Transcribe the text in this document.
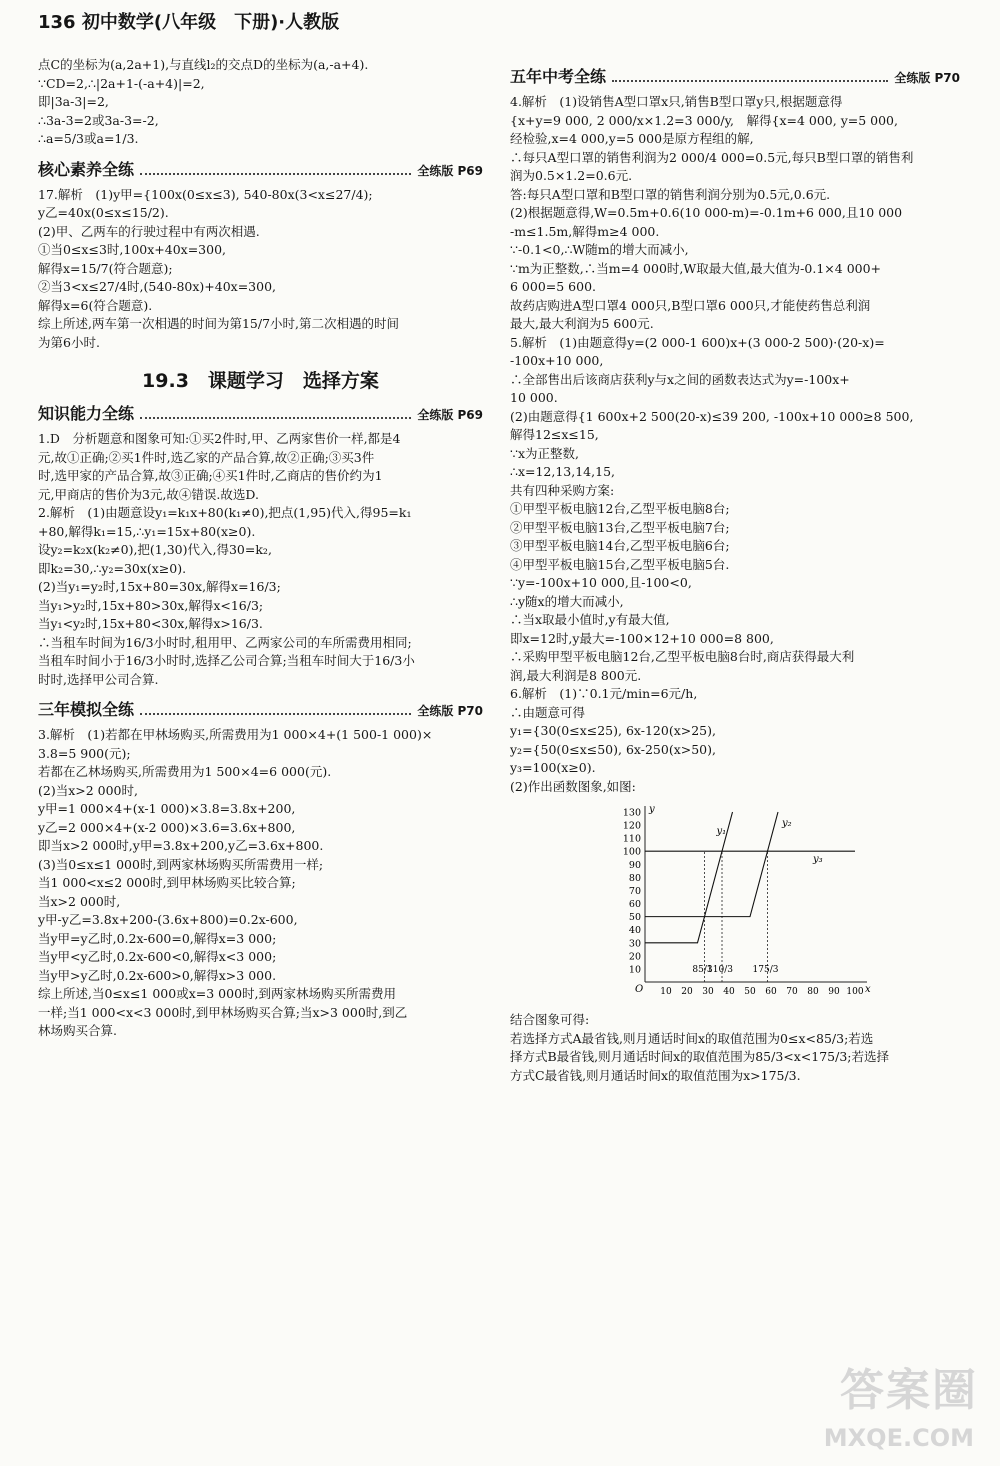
136 初中数学(八年级　下册)·人教版
点C的坐标为(a,2a+1),与直线l₂的交点D的坐标为(a,-a+4).
∵CD=2,∴|2a+1-(-a+4)|=2,
即|3a-3|=2,
∴3a-3=2或3a-3=-2,
∴a=5/3或a=1/3.
核心素养全练	全练版 P69
17.解析　(1)y甲={100x(0≤x≤3), 540-80x(3<x≤27/4);
y乙=40x(0≤x≤15/2).
(2)甲、乙两车的行驶过程中有两次相遇.
①当0≤x≤3时,100x+40x=300,
解得x=15/7(符合题意);
②当3<x≤27/4时,(540-80x)+40x=300,
解得x=6(符合题意).
综上所述,两车第一次相遇的时间为第15/7小时,第二次相遇的时间
为第6小时.
19.3　课题学习　选择方案
知识能力全练	全练版 P69
1.D　分析题意和图象可知:①买2件时,甲、乙两家售价一样,都是4
元,故①正确;②买1件时,选乙家的产品合算,故②正确;③买3件
时,选甲家的产品合算,故③正确;④买1件时,乙商店的售价约为1
元,甲商店的售价为3元,故④错误.故选D.
2.解析　(1)由题意设y₁=k₁x+80(k₁≠0),把点(1,95)代入,得95=k₁
+80,解得k₁=15,∴y₁=15x+80(x≥0).
设y₂=k₂x(k₂≠0),把(1,30)代入,得30=k₂,
即k₂=30,∴y₂=30x(x≥0).
(2)当y₁=y₂时,15x+80=30x,解得x=16/3;
当y₁>y₂时,15x+80>30x,解得x<16/3;
当y₁<y₂时,15x+80<30x,解得x>16/3.
∴当租车时间为16/3小时时,租用甲、乙两家公司的车所需费用相同;
当租车时间小于16/3小时时,选择乙公司合算;当租车时间大于16/3小
时时,选择甲公司合算.
三年模拟全练	全练版 P70
3.解析　(1)若都在甲林场购买,所需费用为1 000×4+(1 500-1 000)×
3.8=5 900(元);
若都在乙林场购买,所需费用为1 500×4=6 000(元).
(2)当x>2 000时,
y甲=1 000×4+(x-1 000)×3.8=3.8x+200,
y乙=2 000×4+(x-2 000)×3.6=3.6x+800,
即当x>2 000时,y甲=3.8x+200,y乙=3.6x+800.
(3)当0≤x≤1 000时,到两家林场购买所需费用一样;
当1 000<x≤2 000时,到甲林场购买比较合算;
当x>2 000时,
y甲-y乙=3.8x+200-(3.6x+800)=0.2x-600,
当y甲=y乙时,0.2x-600=0,解得x=3 000;
当y甲<y乙时,0.2x-600<0,解得x<3 000;
当y甲>y乙时,0.2x-600>0,解得x>3 000.
综上所述,当0≤x≤1 000或x=3 000时,到两家林场购买所需费用
一样;当1 000<x<3 000时,到甲林场购买合算;当x>3 000时,到乙
林场购买合算.
五年中考全练	全练版 P70
4.解析　(1)设销售A型口罩x只,销售B型口罩y只,根据题意得
{x+y=9 000, 2 000/x×1.2=3 000/y,　解得{x=4 000, y=5 000,
经检验,x=4 000,y=5 000是原方程组的解,
∴每只A型口罩的销售利润为2 000/4 000=0.5元,每只B型口罩的销售利
润为0.5×1.2=0.6元.
答:每只A型口罩和B型口罩的销售利润分别为0.5元,0.6元.
(2)根据题意得,W=0.5m+0.6(10 000-m)=-0.1m+6 000,且10 000
-m≤1.5m,解得m≥4 000.
∵-0.1<0,∴W随m的增大而减小,
∵m为正整数,∴当m=4 000时,W取最大值,最大值为-0.1×4 000+
6 000=5 600.
故药店购进A型口罩4 000只,B型口罩6 000只,才能使药售总利润
最大,最大利润为5 600元.
5.解析　(1)由题意得y=(2 000-1 600)x+(3 000-2 500)·(20-x)=
-100x+10 000,
∴全部售出后该商店获利y与x之间的函数表达式为y=-100x+
10 000.
(2)由题意得{1 600x+2 500(20-x)≤39 200, -100x+10 000≥8 500,
解得12≤x≤15,
∵x为正整数,
∴x=12,13,14,15,
共有四种采购方案:
①甲型平板电脑12台,乙型平板电脑8台;
②甲型平板电脑13台,乙型平板电脑7台;
③甲型平板电脑14台,乙型平板电脑6台;
④甲型平板电脑15台,乙型平板电脑5台.
∵y=-100x+10 000,且-100<0,
∴y随x的增大而减小,
∴当x取最小值时,y有最大值,
即x=12时,y最大=-100×12+10 000=8 800,
∴采购甲型平板电脑12台,乙型平板电脑8台时,商店获得最大利
润,最大利润是8 800元.
6.解析　(1)∵0.1元/min=6元/h,
∴由题意可得
y₁={30(0≤x≤25), 6x-120(x>25),
y₂={50(0≤x≤50), 6x-250(x>50),
y₃=100(x≥0).
(2)作出函数图象,如图:
10
20
30
40
50
60
70
80
90
100
110
120
130
10 20 30 40 50 60 70 80 90 100
O	x
y
y₁
y₂
y₃
85/3
110/3 175/3
结合图象可得:
若选择方式A最省钱,则月通话时间x的取值范围为0≤x<85/3;若选
择方式B最省钱,则月通话时间x的取值范围为85/3<x<175/3;若选择
方式C最省钱,则月通话时间x的取值范围为x>175/3.
答案圈
MXQE.COM
